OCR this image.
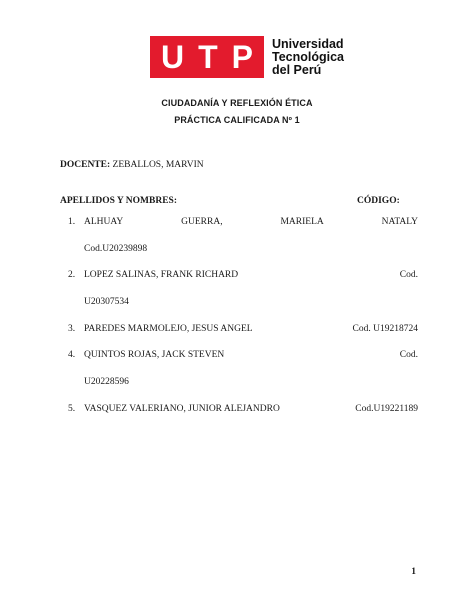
U T P Universidad
Tecnológica
del Perú
CIUDADANÍA Y REFLEXIÓN ÉTICA
PRÁCTICA CALIFICADA Nº 1
DOCENTE: ZEBALLOS, MARVIN
APELLIDOS Y NOMBRES:	CÓDIGO:
1. ALHUAY	GUERRA,	MARIELA	NATALY
Cod.U20239898
2. LOPEZ SALINAS, FRANK RICHARD	Cod.
U20307534
3. PAREDES MARMOLEJO, JESUS ANGEL	Cod. U19218724
4. QUINTOS ROJAS, JACK STEVEN	Cod.
U20228596
5. VASQUEZ VALERIANO, JUNIOR ALEJANDRO	Cod.U19221189
1
